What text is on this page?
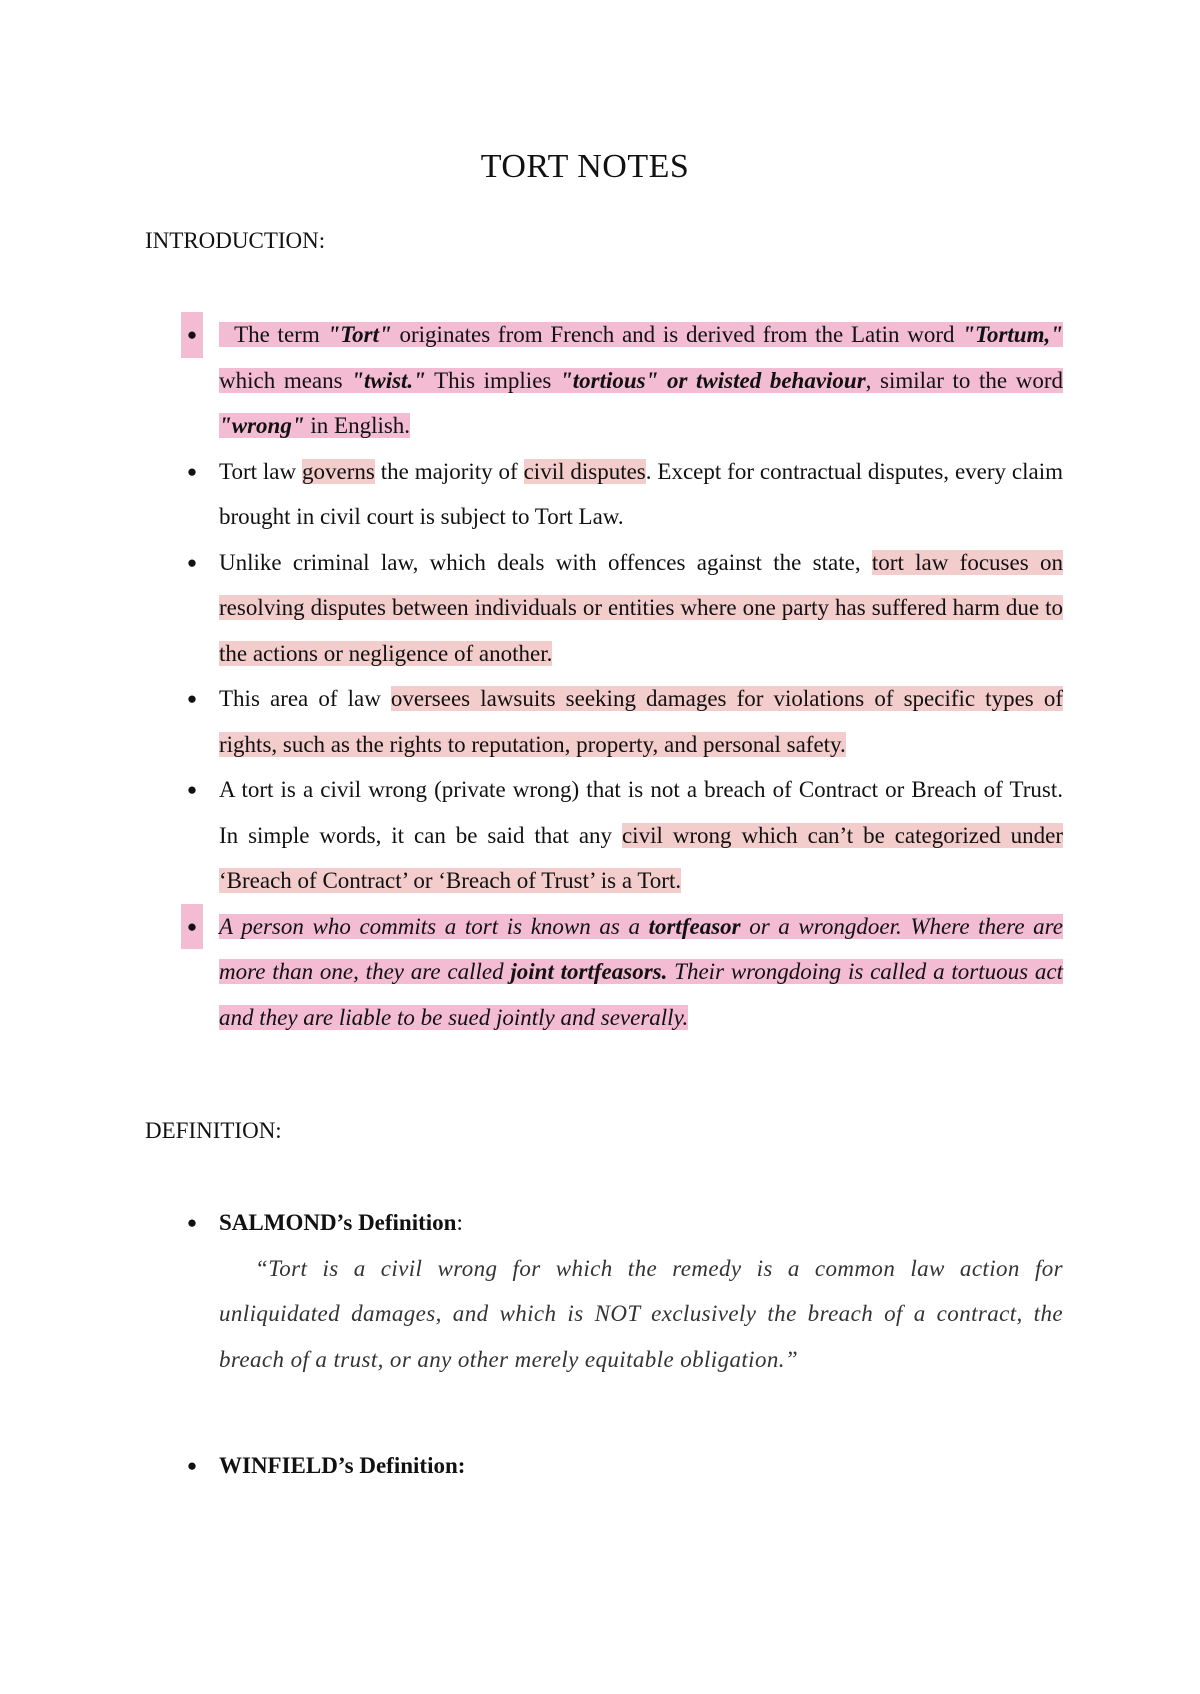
TORT NOTES
INTRODUCTION:
● The term "Tort" originates from French and is derived from the Latin word "Tortum," which means "twist." This implies "tortious" or twisted behaviour, similar to the word "wrong" in English.
● Tort law governs the majority of civil disputes. Except for contractual disputes, every claim brought in civil court is subject to Tort Law.
● Unlike criminal law, which deals with offences against the state, tort law focuses on resolving disputes between individuals or entities where one party has suffered harm due to the actions or negligence of another.
● This area of law oversees lawsuits seeking damages for violations of specific types of rights, such as the rights to reputation, property, and personal safety.
● A tort is a civil wrong (private wrong) that is not a breach of Contract or Breach of Trust. In simple words, it can be said that any civil wrong which can’t be categorized under ‘Breach of Contract’ or ‘Breach of Trust’ is a Tort.
● A person who commits a tort is known as a tortfeasor or a wrongdoer. Where there are more than one, they are called joint tortfeasors. Their wrongdoing is called a tortuous act and they are liable to be sued jointly and severally.
DEFINITION:
● SALMOND’s Definition:
“Tort is a civil wrong for which the remedy is a common law action for unliquidated damages, and which is NOT exclusively the breach of a contract, the breach of a trust, or any other merely equitable obligation.”
● WINFIELD’s Definition:
